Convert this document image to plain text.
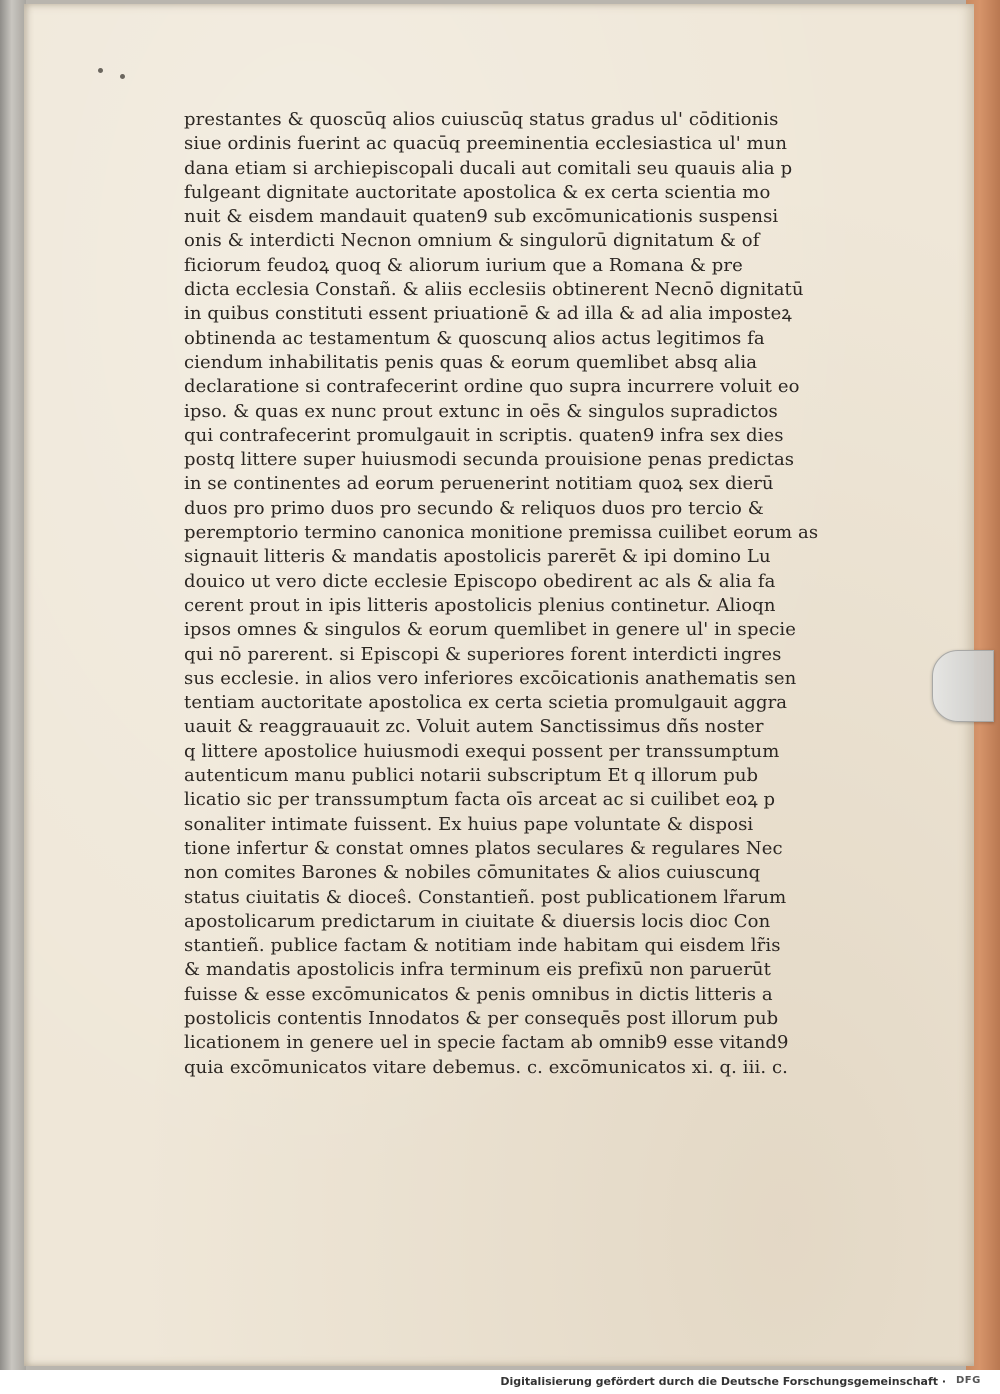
prestantes & quoscūq alios cuiuscūq status gradus ul' cōditionis
siue ordinis fuerint ac quacūq preeminentia ecclesiastica ul' mun
dana etiam si archiepiscopali ducali aut comitali seu quauis alia p
fulgeant dignitate auctoritate apostolica & ex certa scientia mo
nuit & eisdem mandauit quaten9 sub excōmunicationis suspensi
onis & interdicti Necnon omnium & singulorū dignitatum & of
ficiorum feudoꝝ quoq & aliorum iurium que a Romana & pre
dicta ecclesia Constañ. & aliis ecclesiis obtinerent Necnō dignitatū
in quibus constituti essent priuationē & ad illa & ad alia imposteꝝ
obtinenda ac testamentum & quoscunq alios actus legitimos fa
ciendum inhabilitatis penis quas & eorum quemlibet absq alia
declaratione si contrafecerint ordine quo supra incurrere voluit eo
ipso. & quas ex nunc prout extunc in oēs & singulos supradictos
qui contrafecerint promulgauit in scriptis. quaten9 infra sex dies
postq littere super huiusmodi secunda prouisione penas predictas
in se continentes ad eorum peruenerint notitiam quoꝝ sex dierū
duos pro primo duos pro secundo & reliquos duos pro tercio &
peremptorio termino canonica monitione premissa cuilibet eorum as
signauit litteris & mandatis apostolicis parerēt & ipi domino Lu
douico ut vero dicte ecclesie Episcopo obedirent ac als & alia fa
cerent prout in ipis litteris apostolicis plenius continetur. Alioqn
ipsos omnes & singulos & eorum quemlibet in genere ul' in specie
qui nō parerent. si Episcopi & superiores forent interdicti ingres
sus ecclesie. in alios vero inferiores excōicationis anathematis sen
tentiam auctoritate apostolica ex certa scietia promulgauit aggra
uauit & reaggrauauit zc. Voluit autem Sanctissimus dñs noster
q littere apostolice huiusmodi exequi possent per transsumptum
autenticum manu publici notarii subscriptum Et q illorum pub
licatio sic per transsumptum facta oīs arceat ac si cuilibet eoꝝ p
sonaliter intimate fuissent. Ex huius pape voluntate & disposi
tione infertur & constat omnes platos seculares & regulares Nec
non comites Barones & nobiles cōmunitates & alios cuiuscunq
status ciuitatis & dioceŝ. Constantieñ. post publicationem lr̃arum
apostolicarum predictarum in ciuitate & diuersis locis dioc Con
stantieñ. publice factam & notitiam inde habitam qui eisdem lr̃is
& mandatis apostolicis infra terminum eis prefixū non paruerūt
fuisse & esse excōmunicatos & penis omnibus in dictis litteris a
postolicis contentis Innodatos & per consequēs post illorum pub
licationem in genere uel in specie factam ab omnib9 esse vitand9
quia excōmunicatos vitare debemus. c. excōmunicatos xi. q. iii. c.
Digitalisierung gefördert durch die Deutsche Forschungsgemeinschaft · DFG
